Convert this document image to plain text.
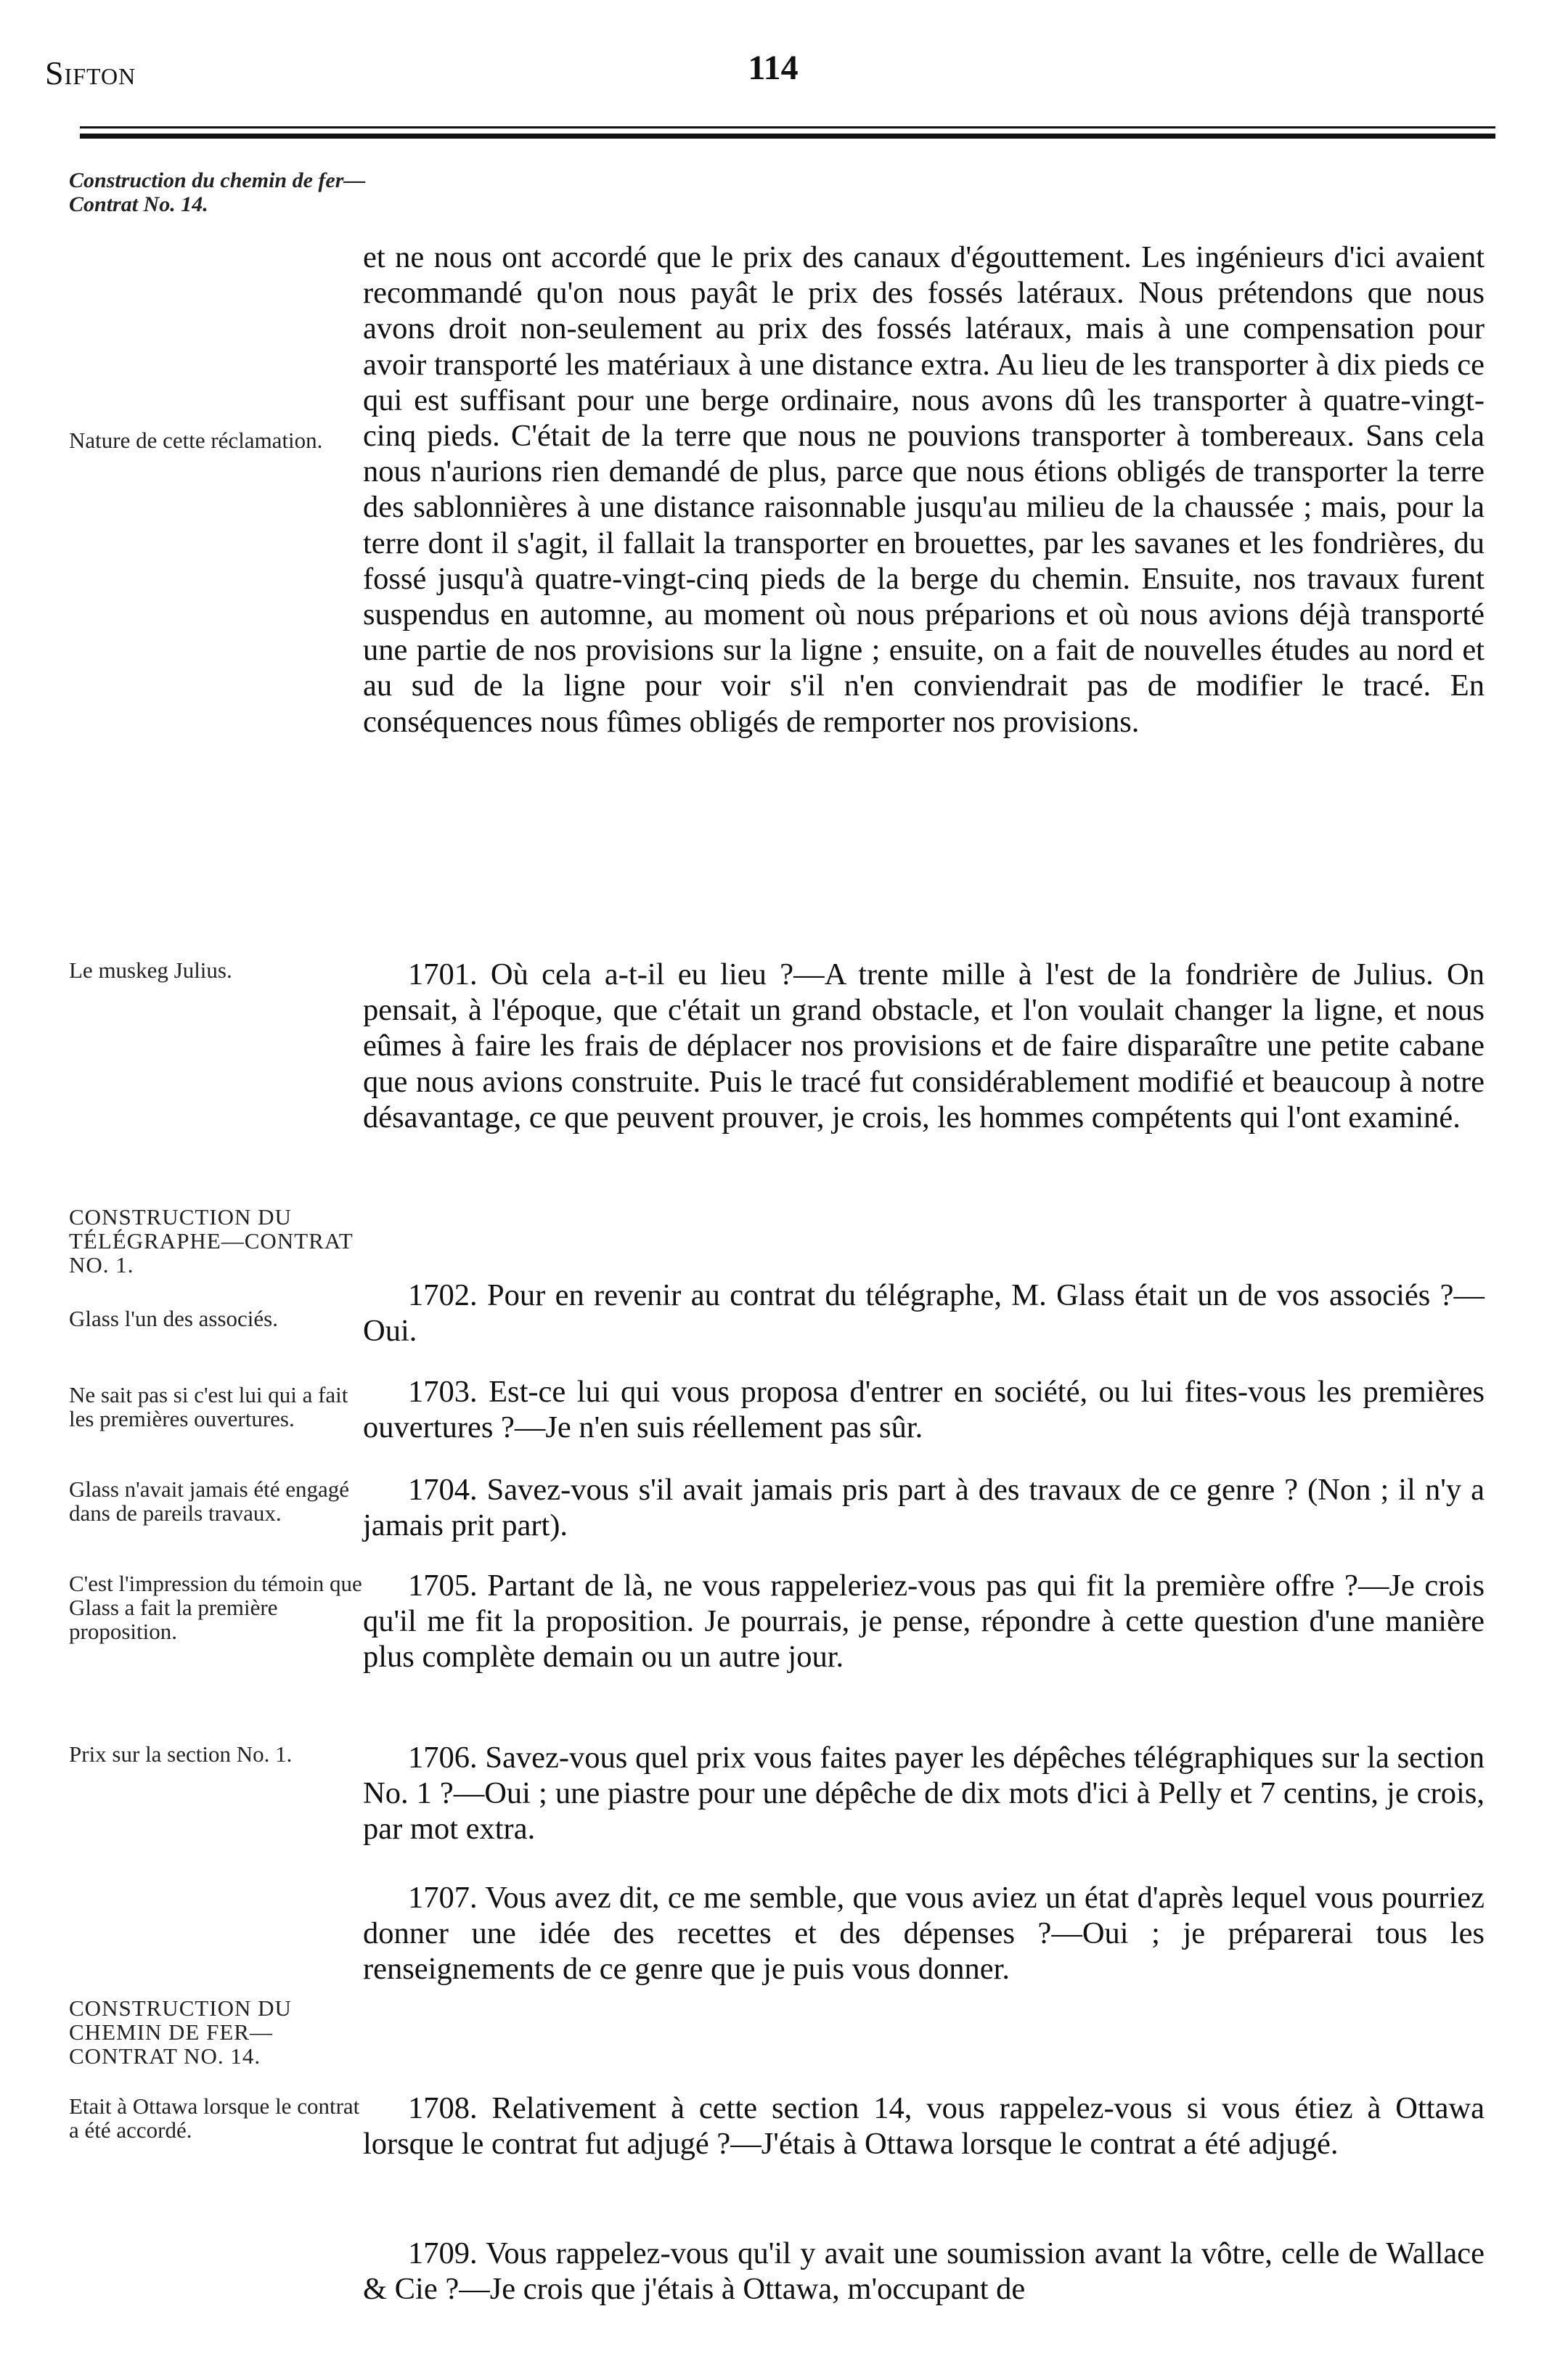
Sifton	114
Construction du chemin de fer—Contrat No. 14.
Nature de cette réclamation.
Le muskeg Julius.
CONSTRUCTION DU TÉLÉGRAPHE—CONTRAT NO. 1.
Glass l'un des associés.
Ne sait pas si c'est lui qui a fait les premières ouvertures.
Glass n'avait jamais été engagé dans de pareils travaux.
C'est l'impression du témoin que Glass a fait la première proposition.
Prix sur la section No. 1.
CONSTRUCTION DU CHEMIN DE FER—CONTRAT NO. 14.
Etait à Ottawa lorsque le contrat a été accordé.
et ne nous ont accordé que le prix des canaux d'égouttement. Les ingénieurs d'ici avaient recommandé qu'on nous payât le prix des fossés latéraux. Nous prétendons que nous avons droit non-seulement au prix des fossés latéraux, mais à une compensation pour avoir transporté les matériaux à une distance extra. Au lieu de les transporter à dix pieds ce qui est suffisant pour une berge ordinaire, nous avons dû les transporter à quatre-vingt-cinq pieds. C'était de la terre que nous ne pouvions transporter à tombereaux. Sans cela nous n'aurions rien demandé de plus, parce que nous étions obligés de transporter la terre des sablonnières à une distance raisonnable jusqu'au milieu de la chaussée ; mais, pour la terre dont il s'agit, il fallait la transporter en brouettes, par les savanes et les fondrières, du fossé jusqu'à quatre-vingt-cinq pieds de la berge du chemin. Ensuite, nos travaux furent suspendus en automne, au moment où nous préparions et où nous avions déjà transporté une partie de nos provisions sur la ligne ; ensuite, on a fait de nouvelles études au nord et au sud de la ligne pour voir s'il n'en conviendrait pas de modifier le tracé. En conséquences nous fûmes obligés de remporter nos provisions.
1701. Où cela a-t-il eu lieu ?—A trente mille à l'est de la fondrière de Julius. On pensait, à l'époque, que c'était un grand obstacle, et l'on voulait changer la ligne, et nous eûmes à faire les frais de déplacer nos provisions et de faire disparaître une petite cabane que nous avions construite. Puis le tracé fut considérablement modifié et beaucoup à notre désavantage, ce que peuvent prouver, je crois, les hommes compétents qui l'ont examiné.
1702. Pour en revenir au contrat du télégraphe, M. Glass était un de vos associés ?—Oui.
1703. Est-ce lui qui vous proposa d'entrer en société, ou lui fites-vous les premières ouvertures ?—Je n'en suis réellement pas sûr.
1704. Savez-vous s'il avait jamais pris part à des travaux de ce genre ? (Non ; il n'y a jamais prit part).
1705. Partant de là, ne vous rappeleriez-vous pas qui fit la première offre ?—Je crois qu'il me fit la proposition. Je pourrais, je pense, répondre à cette question d'une manière plus complète demain ou un autre jour.
1706. Savez-vous quel prix vous faites payer les dépêches télégraphiques sur la section No. 1 ?—Oui ; une piastre pour une dépêche de dix mots d'ici à Pelly et 7 centins, je crois, par mot extra.
1707. Vous avez dit, ce me semble, que vous aviez un état d'après lequel vous pourriez donner une idée des recettes et des dépenses ?—Oui ; je préparerai tous les renseignements de ce genre que je puis vous donner.
1708. Relativement à cette section 14, vous rappelez-vous si vous étiez à Ottawa lorsque le contrat fut adjugé ?—J'étais à Ottawa lorsque le contrat a été adjugé.
1709. Vous rappelez-vous qu'il y avait une soumission avant la vôtre, celle de Wallace & Cie ?—Je crois que j'étais à Ottawa, m'occupant de
